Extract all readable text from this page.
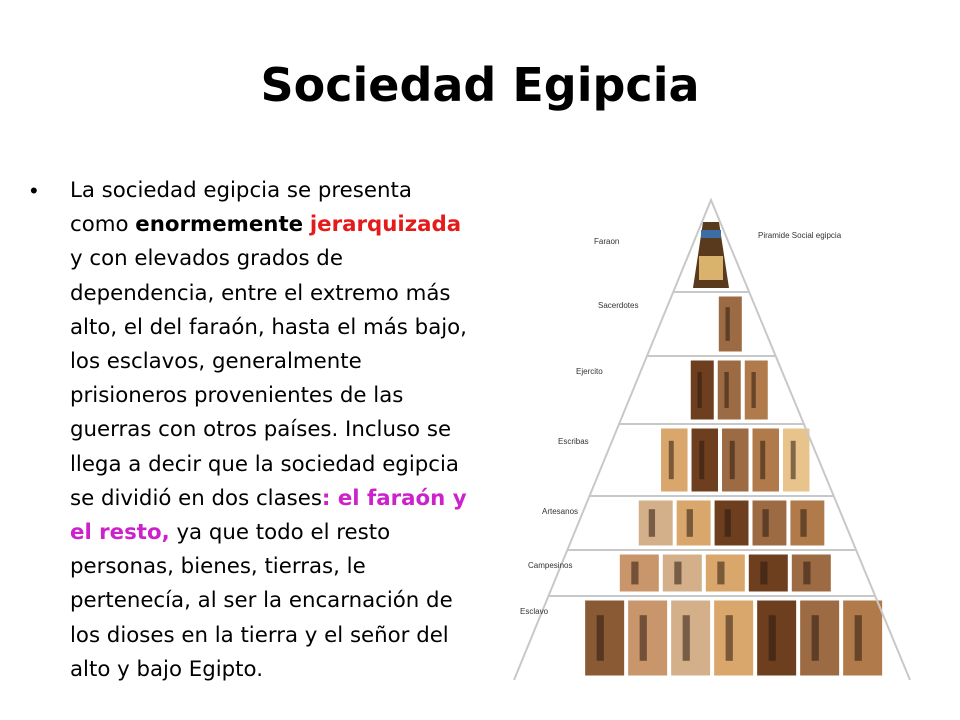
Sociedad Egipcia
• La sociedad egipcia se presenta como enormemente jerarquizada y con elevados grados de dependencia, entre el extremo más alto, el del faraón, hasta el más bajo, los esclavos, generalmente prisioneros provenientes de las guerras con otros países. Incluso se llega a decir que la sociedad egipcia se dividió en dos clases: el faraón y el resto, ya que todo el resto personas, bienes, tierras, le pertenecía, al ser la encarnación de los dioses en la tierra y el señor del alto y bajo Egipto.
Faraon
Sacerdotes
Ejercito
Escribas
Artesanos
Campesinos
Esclavo
Piramide Social egipcia
